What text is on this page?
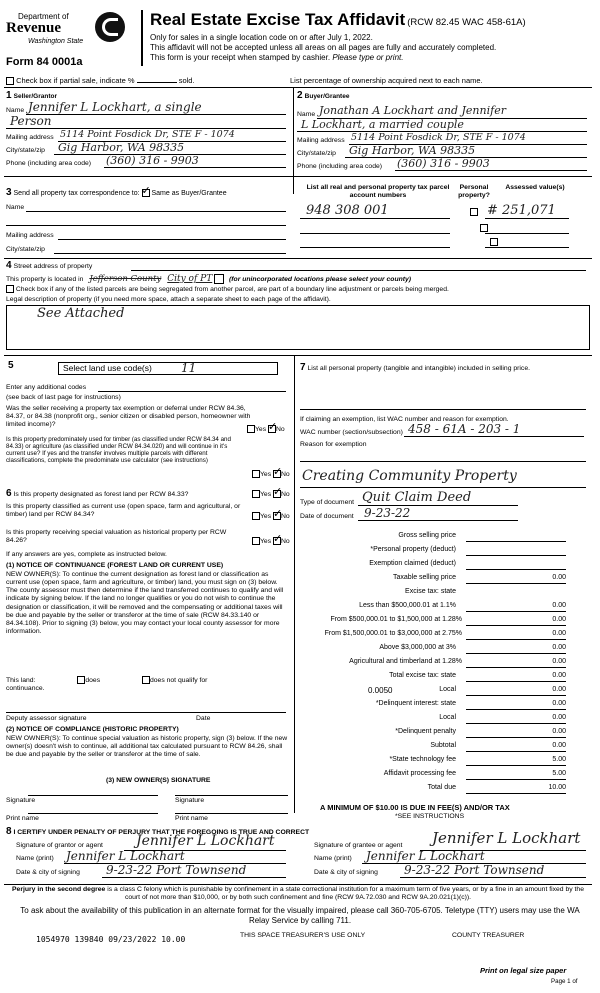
Department of
Revenue
Washington State
Form 84 0001a
Real Estate Excise Tax Affidavit (RCW 82.45 WAC 458-61A)
Only for sales in a single location code on or after July 1, 2022.
This affidavit will not be accepted unless all areas on all pages are fully and accurately completed.
This form is your receipt when stamped by cashier. Please type or print.
Check box if partial sale, indicate %	sold.	List percentage of ownership acquired next to each name.
1 Seller/Grantor
Name Jennifer L Lockhart, a single
Person
Mailing address 5114 Point Fosdick Dr, STE F - 1074
City/state/zip Gig Harbor, WA 98335
Phone (including area code) (360) 316 - 9903
2 Buyer/Grantee
Name Jonathan A Lockhart and Jennifer
L Lockhart, a married couple
Mailing address 5114 Point Fosdick Dr, STE F - 1074
City/state/zip Gig Harbor, WA 98335
Phone (including area code) (360) 316 - 9903
3 Send all property tax correspondence to: ✓ Same as Buyer/Grantee
Name
Mailing address
City/state/zip
List all real and personal property tax parcel account numbers
Personal property?
Assessed value(s)
948 308 001
	# 251,071

4 Street address of property
This property is located in Jefferson County City of PT (for unincorporated locations please select your county)
Check box if any of the listed parcels are being segregated from another parcel, are part of a boundary line adjustment or parcels being merged.
Legal description of property (if you need more space, attach a separate sheet to each page of the affidavit).
See Attached
5	Select land use code(s) 11
Enter any additional codes
(see back of last page for instructions)
Was the seller receiving a property tax exemption or deferral under RCW 84.36, 84.37, or 84.38 (nonprofit org., senior citizen or disabled person, homeowner with limited income)?
Yes ✓ No
Is this property predominately used for timber (as classified under RCW 84.34 and 84.33) or agriculture (as classified under RCW 84.34.020) and will continue in it's current use? If yes and the transfer involves multiple parcels with different classifications, complete the predominate use calculator (see instructions)
Yes ✓ No
6 Is this property designated as forest land per RCW 84.33?	Yes ✓ No
Is this property classified as current use (open space, farm and agricultural, or timber) land per RCW 84.34?	Yes ✓ No
Is this property receiving special valuation as historical property per RCW 84.26?	Yes ✓ No
If any answers are yes, complete as instructed below.
(1) NOTICE OF CONTINUANCE (FOREST LAND OR CURRENT USE)
NEW OWNER(S): To continue the current designation as forest land or classification as current use (open space, farm and agriculture, or timber) land, you must sign on (3) below. The county assessor must then determine if the land transferred continues to qualify and will indicate by signing below. If the land no longer qualifies or you do not wish to continue the designation or classification, it will be removed and the compensating or additional taxes will be due and payable by the seller or transferor at the time of sale (RCW 84.33.140 or 84.34.108). Prior to signing (3) below, you may contact your local county assessor for more information.
This land:	does	does not qualify for
continuance.
Deputy assessor signature	Date
(2) NOTICE OF COMPLIANCE (HISTORIC PROPERTY)
NEW OWNER(S): To continue special valuation as historic property, sign (3) below. If the new owner(s) doesn't wish to continue, all additional tax calculated pursuant to RCW 84.26, shall be due and payable by the seller or transferor at the time of sale.
(3) NEW OWNER(S) SIGNATURE
Signature	Signature
Print name	Print name
7 List all personal property (tangible and intangible) included in selling price.
If claiming an exemption, list WAC number and reason for exemption.
WAC number (section/subsection) 458 - 61A - 203 - 1
Reason for exemption
Creating Community Property
Type of document Quit Claim Deed
Date of document 9-23-22
Gross selling price
*Personal property (deduct)
Exemption claimed (deduct)
Taxable selling price	0.00
Excise tax: state
Less than $500,000.01 at 1.1%	0.00
From $500,000.01 to $1,500,000 at 1.28%	0.00
From $1,500,000.01 to $3,000,000 at 2.75%	0.00
Above $3,000,000 at 3%	0.00
Agricultural and timberland at 1.28%	0.00
Total excise tax: state	0.00
Local
0.0050	0.00
*Delinquent interest: state	0.00
Local	0.00
*Delinquent penalty	0.00
Subtotal	0.00
*State technology fee	5.00
Affidavit processing fee	5.00
Total due	10.00
A MINIMUM OF $10.00 IS DUE IN FEE(S) AND/OR TAX
*SEE INSTRUCTIONS
8 I CERTIFY UNDER PENALTY OF PERJURY THAT THE FOREGOING IS TRUE AND CORRECT
Signature of grantor or agent Jennifer L Lockhart
Name (print) Jennifer L Lockhart
Date & city of signing 9-23-22 Port Townsend
Signature of grantee or agent Jennifer L Lockhart
Name (print) Jennifer L Lockhart
Date & city of signing 9-23-22 Port Townsend
Perjury in the second degree is a class C felony which is punishable by confinement in a state correctional institution for a maximum term of five years, or by a fine in an amount fixed by the court of not more than $10,000, or by both such confinement and fine (RCW 9A.72.030 and RCW 9A.20.021(1)(c)).
To ask about the availability of this publication in an alternate format for the visually impaired, please call 360-705-6705. Teletype (TTY) users may use the WA Relay Service by calling 711.
1054970 139840 09/23/2022 10.00	THIS SPACE TREASURER'S USE ONLY	COUNTY TREASURER
Print on legal size paper
Page 1 of
